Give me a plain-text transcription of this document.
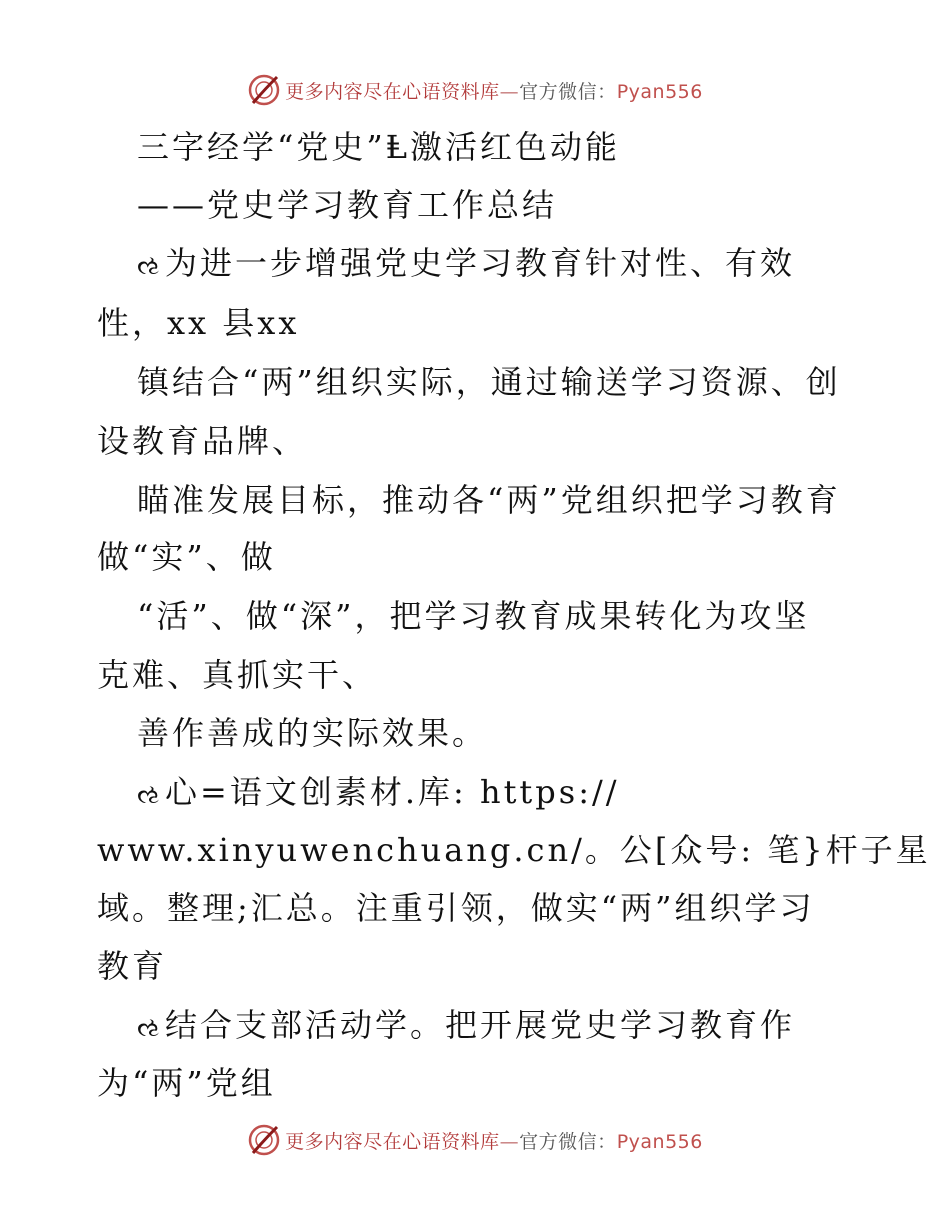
更多内容尽在心语资料库—官方微信：Pyan556
三字经学“党史”Ⱡ激活红色动能
——党史学习教育工作总结
ઌ为进一步增强党史学习教育针对性、有效
性，xx 县xx
镇结合“两”组织实际，通过输送学习资源、创
设教育品牌、
瞄准发展目标，推动各“两”党组织把学习教育
做“实”、做
“活”、做“深”，把学习教育成果转化为攻坚
克难、真抓实干、
善作善成的实际效果。
ઌ心=语文创素材.库: https://
www.xinyuwenchuang.cn/。公[众号: 笔}杆子星
域。整理;汇总。注重引领，做实“两”组织学习
教育
ઌ结合支部活动学。把开展党史学习教育作
为“两”党组
更多内容尽在心语资料库—官方微信：Pyan556
